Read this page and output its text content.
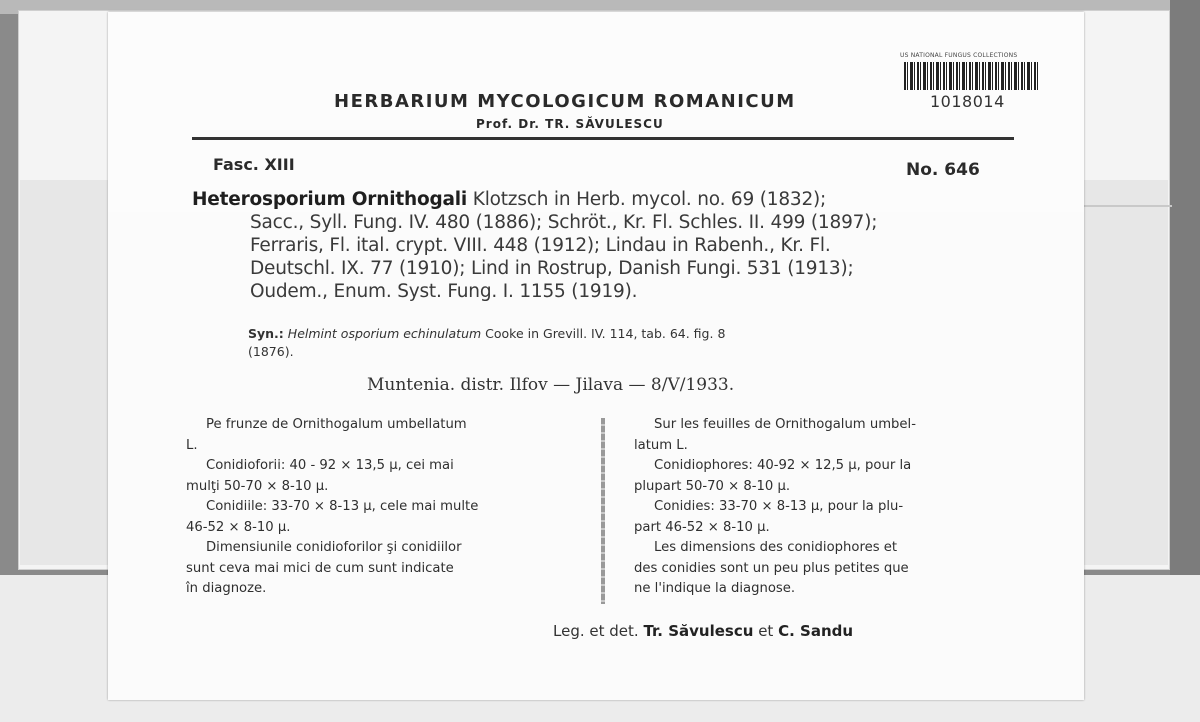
HERBARIUM MYCOLOGICUM ROMANICUM
Prof. Dr. TR. SĂVULESCU
US NATIONAL FUNGUS COLLECTIONS
1018014
Fasc. XIII	No. 646

Heterosporium Ornithogali Klotzsch in Herb. mycol. no. 69 (1832);

Sacc., Syll. Fung. IV. 480 (1886); Schröt., Kr. Fl. Schles. II. 499 (1897);

Ferraris, Fl. ital. crypt. VIII. 448 (1912); Lindau in Rabenh., Kr. Fl.

Deutschl. IX. 77 (1910); Lind in Rostrup, Danish Fungi. 531 (1913);

Oudem., Enum. Syst. Fung. I. 1155 (1919).

Syn.: Helmint osporium echinulatum Cooke in Grevill. IV. 114, tab. 64. fig. 8

(1876).

Muntenia. distr. Ilfov — Jilava — 8/V/1933.

Pe frunze de Ornithogalum umbellatum

L.

Conidioforii: 40 - 92 × 13,5 μ, cei mai

mulţi 50-70 × 8-10 μ.

Conidiile: 33-70 × 8-13 μ, cele mai multe

46-52 × 8-10 μ.

Dimensiunile conidioforilor şi conidiilor

sunt ceva mai mici de cum sunt indicate

în diagnoze.

Sur les feuilles de Ornithogalum umbel-

latum L.

Conidiophores: 40-92 × 12,5 μ, pour la

plupart 50-70 × 8-10 μ.

Conidies: 33-70 × 8-13 μ, pour la plu-

part 46-52 × 8-10 μ.

Les dimensions des conidiophores et

des conidies sont un peu plus petites que

ne l'indique la diagnose.

Leg. et det. Tr. Săvulescu et C. Sandu
